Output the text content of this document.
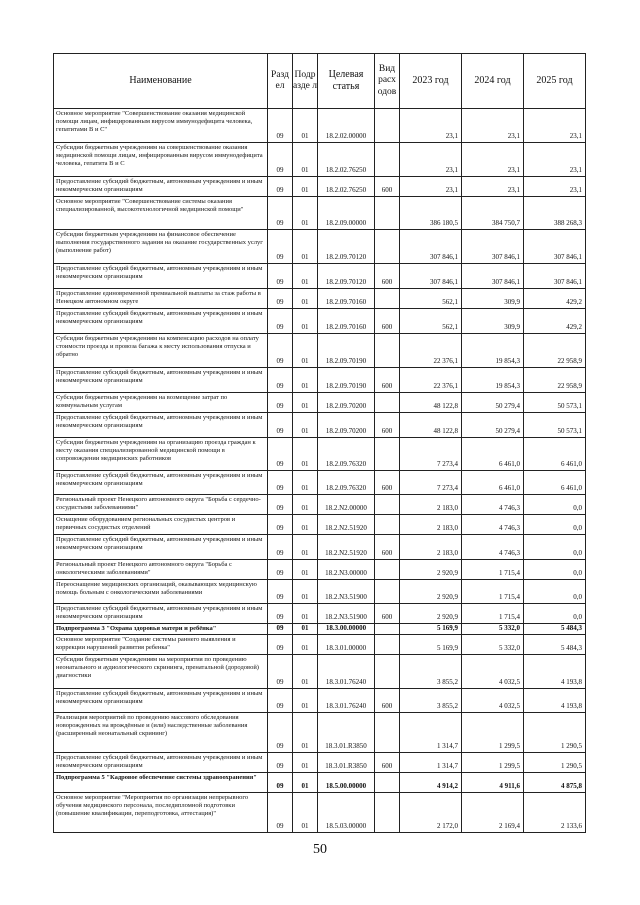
Наименование	Разд ел	Подр азде л	Целевая статья	Вид расх одов	2023 год	2024 год	2025 год
Основное мероприятие "Совершенствование оказания медицинской помощи лицам, инфицированным вирусом иммунодефицита человека, гепатитами В и С"	09	01	18.2.02.00000		23,1	23,1	23,1
Субсидии бюджетным учреждениям на совершенствование оказания медицинской помощи лицам, инфицированным вирусом иммунодефицита человека, гепатита В и С	09	01	18.2.02.76250		23,1	23,1	23,1
Предоставление субсидий бюджетным, автономным учреждениям и иным некоммерческим организациям	09	01	18.2.02.76250	600	23,1	23,1	23,1
Основное мероприятие "Совершенствование системы оказания специализированной, высокотехнологичной медицинской помощи"	09	01	18.2.09.00000		386 180,5	384 750,7	388 268,3
Субсидии бюджетным учреждениям на финансовое обеспечение выполнения государственного задания на оказание государственных услуг (выполнение работ)	09	01	18.2.09.70120		307 846,1	307 846,1	307 846,1
Предоставление субсидий бюджетным, автономным учреждениям и иным некоммерческим организациям	09	01	18.2.09.70120	600	307 846,1	307 846,1	307 846,1
Предоставление единовременной премиальной выплаты за стаж работы в Ненецком автономном округе	09	01	18.2.09.70160		562,1	309,9	429,2
Предоставление субсидий бюджетным, автономным учреждениям и иным некоммерческим организациям	09	01	18.2.09.70160	600	562,1	309,9	429,2
Субсидии бюджетным учреждениям на компенсацию расходов на оплату стоимости проезда и провоза багажа к месту использования отпуска и обратно	09	01	18.2.09.70190		22 376,1	19 854,3	22 958,9
Предоставление субсидий бюджетным, автономным учреждениям и иным некоммерческим организациям	09	01	18.2.09.70190	600	22 376,1	19 854,3	22 958,9
Субсидии бюджетным учреждениям на возмещение затрат по коммунальным услугам	09	01	18.2.09.70200		48 122,8	50 279,4	50 573,1
Предоставление субсидий бюджетным, автономным учреждениям и иным некоммерческим организациям	09	01	18.2.09.70200	600	48 122,8	50 279,4	50 573,1
Субсидии бюджетным учреждениям на организацию проезда граждан к месту оказания специализированной медицинской помощи в сопровождении медицинских работников	09	01	18.2.09.76320		7 273,4	6 461,0	6 461,0
Предоставление субсидий бюджетным, автономным учреждениям и иным некоммерческим организациям	09	01	18.2.09.76320	600	7 273,4	6 461,0	6 461,0
Региональный проект Ненецкого автономного округа "Борьба с сердечно-сосудистыми заболеваниями"	09	01	18.2.N2.00000		2 183,0	4 746,3	0,0
Оснащение оборудованием региональных сосудистых центров и первичных сосудистых отделений	09	01	18.2.N2.51920		2 183,0	4 746,3	0,0
Предоставление субсидий бюджетным, автономным учреждениям и иным некоммерческим организациям	09	01	18.2.N2.51920	600	2 183,0	4 746,3	0,0
Региональный проект Ненецкого автономного округа "Борьба с онкологическими заболеваниями"	09	01	18.2.N3.00000		2 920,9	1 715,4	0,0
Переоснащение медицинских организаций, оказывающих медицинскую помощь больным с онкологическими заболеваниями	09	01	18.2.N3.51900		2 920,9	1 715,4	0,0
Предоставление субсидий бюджетным, автономным учреждениям и иным некоммерческим организациям	09	01	18.2.N3.51900	600	2 920,9	1 715,4	0,0
Подпрограмма 3 "Охрана здоровья матери и ребёнка"	09	01	18.3.00.00000		5 169,9	5 332,0	5 484,3
Основное мероприятие "Создание системы раннего выявления и коррекции нарушений развития ребенка"	09	01	18.3.01.00000		5 169,9	5 332,0	5 484,3
Субсидии бюджетным учреждениям на мероприятия по проведению неонатального и аудиологического скрининга, пренатальной (дородовой) диагностики	09	01	18.3.01.76240		3 855,2	4 032,5	4 193,8
Предоставление субсидий бюджетным, автономным учреждениям и иным некоммерческим организациям	09	01	18.3.01.76240	600	3 855,2	4 032,5	4 193,8
Реализация мероприятий по проведению массового обследования новорожденных на врождённые и (или) наследственные заболевания (расширенный неонатальный скрининг)	09	01	18.3.01.R3850		1 314,7	1 299,5	1 290,5
Предоставление субсидий бюджетным, автономным учреждениям и иным некоммерческим организациям	09	01	18.3.01.R3850	600	1 314,7	1 299,5	1 290,5
Подпрограмма 5 "Кадровое обеспечение системы здравоохранения"	09	01	18.5.00.00000		4 914,2	4 911,6	4 875,8
Основное мероприятие "Мероприятия по организации непрерывного обучения медицинского персонала, последипломной подготовки (повышение квалификации, переподготовка, аттестация)"	09	01	18.5.03.00000		2 172,0	2 169,4	2 133,6
50
